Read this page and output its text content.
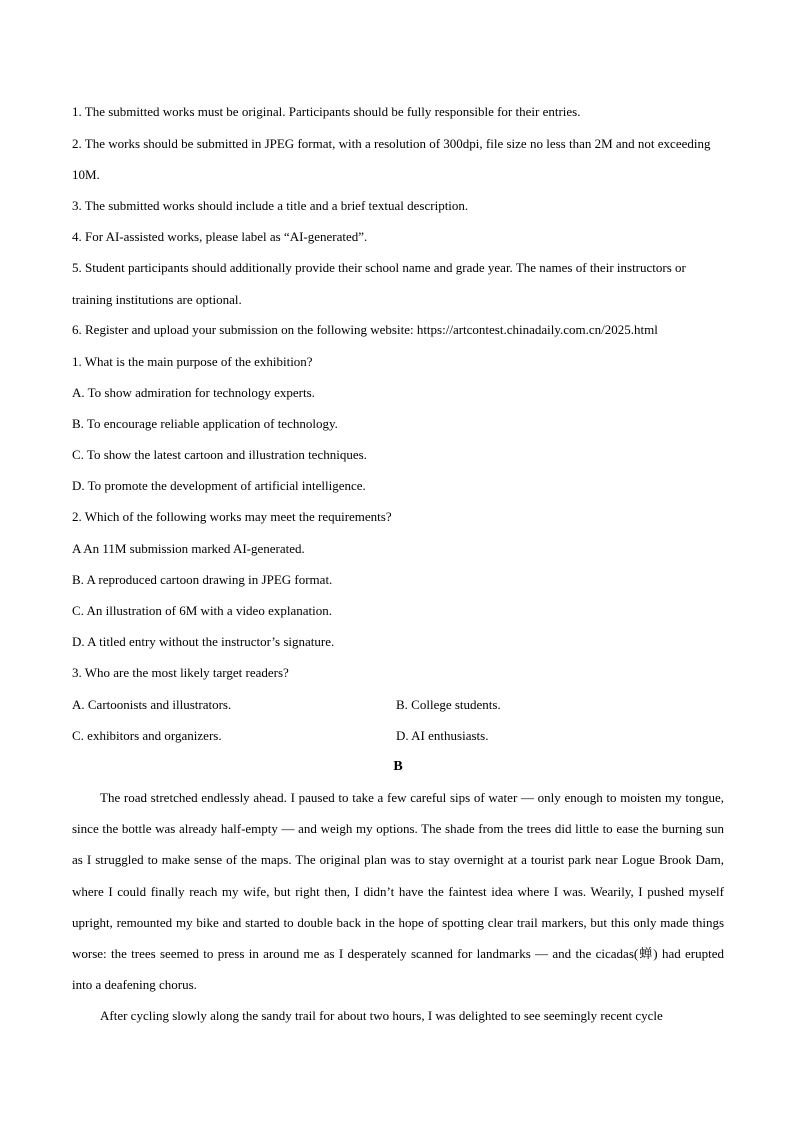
1. The submitted works must be original. Participants should be fully responsible for their entries.
2. The works should be submitted in JPEG format, with a resolution of 300dpi, file size no less than 2M and not exceeding 10M.
3. The submitted works should include a title and a brief textual description.
4. For AI-assisted works, please label as “AI-generated”.
5. Student participants should additionally provide their school name and grade year. The names of their instructors or training institutions are optional.
6. Register and upload your submission on the following website: https://artcontest.chinadaily.com.cn/2025.html
1. What is the main purpose of the exhibition?
A. To show admiration for technology experts.
B. To encourage reliable application of technology.
C. To show the latest cartoon and illustration techniques.
D. To promote the development of artificial intelligence.
2. Which of the following works may meet the requirements?
A An 11M submission marked AI-generated.
B. A reproduced cartoon drawing in JPEG format.
C. An illustration of 6M with a video explanation.
D. A titled entry without the instructor’s signature.
3. Who are the most likely target readers?
A. Cartoonists and illustrators.	B. College students.
C. exhibitors and organizers.	D. AI enthusiasts.
B

The road stretched endlessly ahead. I paused to take a few careful sips of water — only enough to moisten my tongue, since the bottle was already half-empty — and weigh my options. The shade from the trees did little to ease the burning sun as I struggled to make sense of the maps. The original plan was to stay overnight at a tourist park near Logue Brook Dam, where I could finally reach my wife, but right then, I didn’t have the faintest idea where I was. Wearily, I pushed myself upright, remounted my bike and started to double back in the hope of spotting clear trail markers, but this only made things worse: the trees seemed to press in around me as I desperately scanned for landmarks — and the cicadas(蝉) had erupted into a deafening chorus.

After cycling slowly along the sandy trail for about two hours, I was delighted to see seemingly recent cycle
